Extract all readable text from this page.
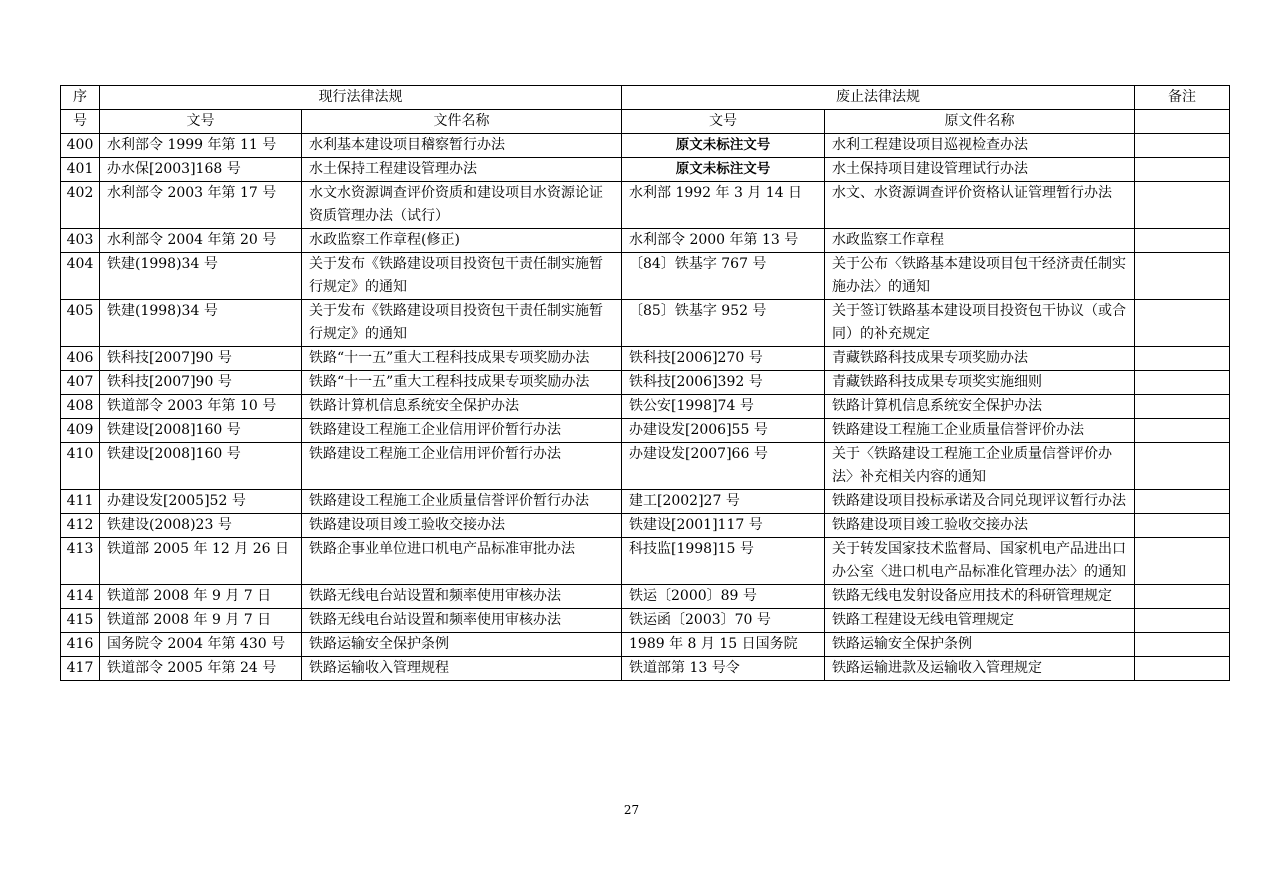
序	现行法律法规		废止法律法规		备注
号	文号	文件名称	文号	原文件名称	
400	水利部令 1999 年第 11 号	水利基本建设项目稽察暂行办法	原文未标注文号	水利工程建设项目巡视检查办法	
401	办水保[2003]168 号	水土保持工程建设管理办法	原文未标注文号	水土保持项目建设管理试行办法	
402	水利部令 2003 年第 17 号	水文水资源调查评价资质和建设项目水资源论证资质管理办法（试行）	水利部 1992 年 3 月 14 日	水文、水资源调查评价资格认证管理暂行办法	
403	水利部令 2004 年第 20 号	水政监察工作章程(修正)	水利部令 2000 年第 13 号	水政监察工作章程	
404	铁建(1998)34 号	关于发布《铁路建设项目投资包干责任制实施暂行规定》的通知	〔84〕铁基字 767 号	关于公布〈铁路基本建设项目包干经济责任制实施办法〉的通知	
405	铁建(1998)34 号	关于发布《铁路建设项目投资包干责任制实施暂行规定》的通知	〔85〕铁基字 952 号	关于签订铁路基本建设项目投资包干协议（或合同）的补充规定	
406	铁科技[2007]90 号	铁路“十一五”重大工程科技成果专项奖励办法	铁科技[2006]270 号	青藏铁路科技成果专项奖励办法	
407	铁科技[2007]90 号	铁路“十一五”重大工程科技成果专项奖励办法	铁科技[2006]392 号	青藏铁路科技成果专项奖实施细则	
408	铁道部令 2003 年第 10 号	铁路计算机信息系统安全保护办法	铁公安[1998]74 号	铁路计算机信息系统安全保护办法	
409	铁建设[2008]160 号	铁路建设工程施工企业信用评价暂行办法	办建设发[2006]55 号	铁路建设工程施工企业质量信誉评价办法	
410	铁建设[2008]160 号	铁路建设工程施工企业信用评价暂行办法	办建设发[2007]66 号	关于〈铁路建设工程施工企业质量信誉评价办法〉补充相关内容的通知	
411	办建设发[2005]52 号	铁路建设工程施工企业质量信誉评价暂行办法	建工[2002]27 号	铁路建设项目投标承诺及合同兑现评议暂行办法	
412	铁建设(2008)23 号	铁路建设项目竣工验收交接办法	铁建设[2001]117 号	铁路建设项目竣工验收交接办法	
413	铁道部 2005 年 12 月 26 日	铁路企事业单位进口机电产品标准审批办法	科技监[1998]15 号	关于转发国家技术监督局、国家机电产品进出口办公室〈进口机电产品标准化管理办法〉的通知	
414	铁道部 2008 年 9 月 7 日	铁路无线电台站设置和频率使用审核办法	铁运〔2000〕89 号	铁路无线电发射设备应用技术的科研管理规定	
415	铁道部 2008 年 9 月 7 日	铁路无线电台站设置和频率使用审核办法	铁运函〔2003〕70 号	铁路工程建设无线电管理规定	
416	国务院令 2004 年第 430 号	铁路运输安全保护条例	1989 年 8 月 15 日国务院	铁路运输安全保护条例	
417	铁道部令 2005 年第 24 号	铁路运输收入管理规程	铁道部第 13 号令	铁路运输进款及运输收入管理规定	
27
